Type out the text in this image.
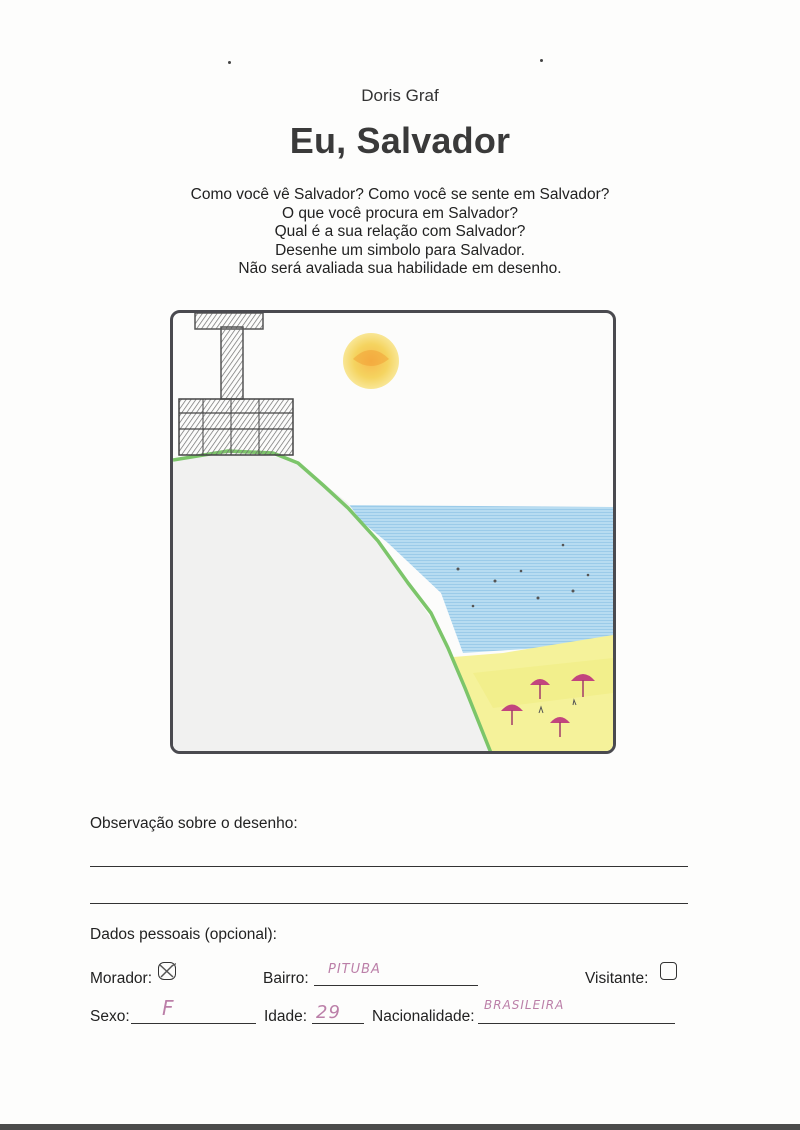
Doris Graf
Eu, Salvador
Como você vê Salvador? Como você se sente em Salvador?
O que você procura em Salvador?
Qual é a sua relação com Salvador?
Desenhe um simbolo para Salvador.
Não será avaliada sua habilidade em desenho.
Observação sobre o desenho:
Dados pessoais (opcional):
Morador:	Bairro:
PITUBA
Visitante:
Sexo: F	Idade: 29 Nacionalidade:
BRASILEIRA
